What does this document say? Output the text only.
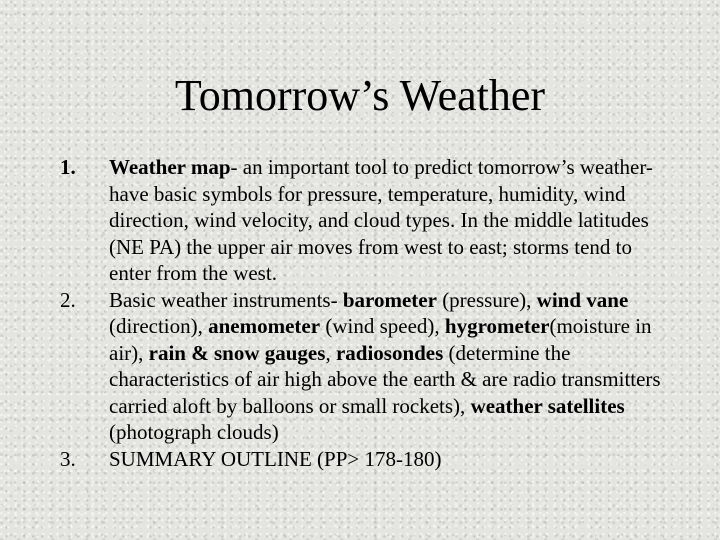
Tomorrow’s Weather
1.	Weather map- an important tool to predict tomorrow’s weather- have basic symbols for pressure, temperature, humidity, wind direction, wind velocity, and cloud types. In the middle latitudes (NE PA) the upper air moves from west to east; storms tend to enter from the west.
2.	Basic weather instruments- barometer (pressure), wind vane (direction), anemometer (wind speed), hygrometer(moisture in air), rain & snow gauges, radiosondes (determine the characteristics of air high above the earth & are radio transmitters carried aloft by balloons or small rockets), weather satellites (photograph clouds)
3.	SUMMARY OUTLINE (PP> 178-180)
